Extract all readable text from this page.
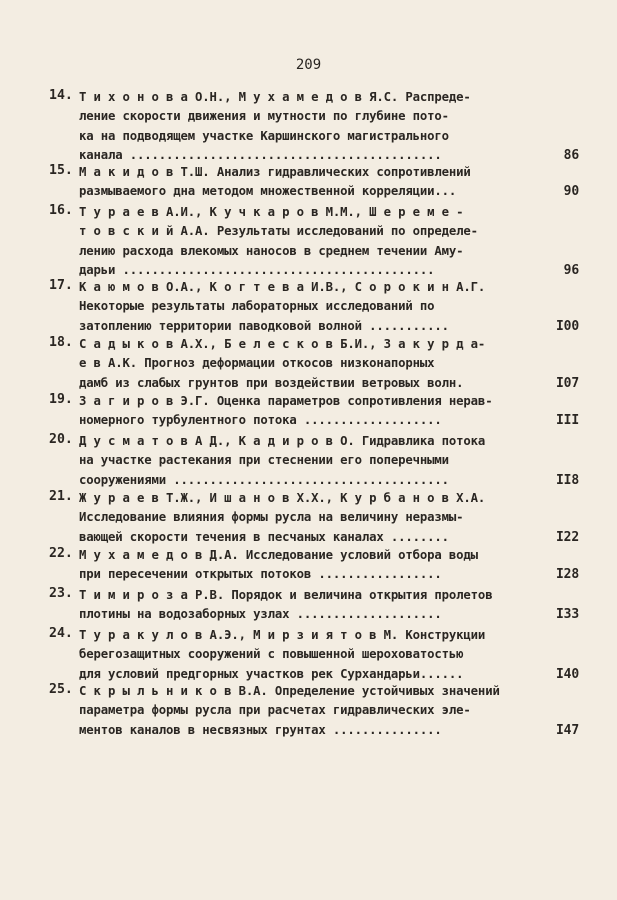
209
14. Т и х о н о в а О.Н., М у х а м е д о в Я.С. Распреде-
ление скорости движения и мутности по глубине пото-
ка на подводящем участке Каршинского магистрального
канала ...........................................	86
15. М а к и д о в Т.Ш. Анализ гидравлических сопротивлений
размываемого дна методом множественной корреляции...	90
16. Т у р а е в А.И., К у ч к а р о в М.М., Ш е р е м е -
т о в с к и й А.А. Результаты исследований по определе-
лению расхода влекомых наносов в среднем течении Аму-
дарьи ...........................................	96
17. К а ю м о в О.А., К о г т е в а И.В., С о р о к и н А.Г.
Некоторые результаты лабораторных исследований по
затоплению территории паводковой волной ...........	I00
18. С а д ы к о в А.Х., Б е л е с к о в Б.И., З а к у р д а-
е в А.К. Прогноз деформации откосов низконапорных
дамб из слабых грунтов при воздействии ветровых волн.	I07
19. З а г и р о в Э.Г. Оценка параметров сопротивления нерав-
номерного турбулентного потока ...................	III
20. Д у с м а т о в А Д., К а д и р о в О. Гидравлика потока
на участке растекания при стеснении его поперечными
сооружениями ......................................	II8
21. Ж у р а е в Т.Ж., И ш а н о в Х.Х., К у р б а н о в Х.А.
Исследование влияния формы русла на величину неразмы-
вающей скорости течения в песчаных каналах ........	I22
22. М у х а м е д о в Д.А. Исследование условий отбора воды
при пересечении открытых потоков .................	I28
23. Т и м и р о з а Р.В. Порядок и величина открытия пролетов
плотины на водозаборных узлах ....................	I33
24. Т у р а к у л о в А.Э., М и р з и я т о в М. Конструкции
берегозащитных сооружений с повышенной шероховатостью
для условий предгорных участков рек Сурхандарьи......	I40
25. С к р ы л ь н и к о в В.А. Определение устойчивых значений
параметра формы русла при расчетах гидравлических эле-
ментов каналов в несвязных грунтах ...............	I47
